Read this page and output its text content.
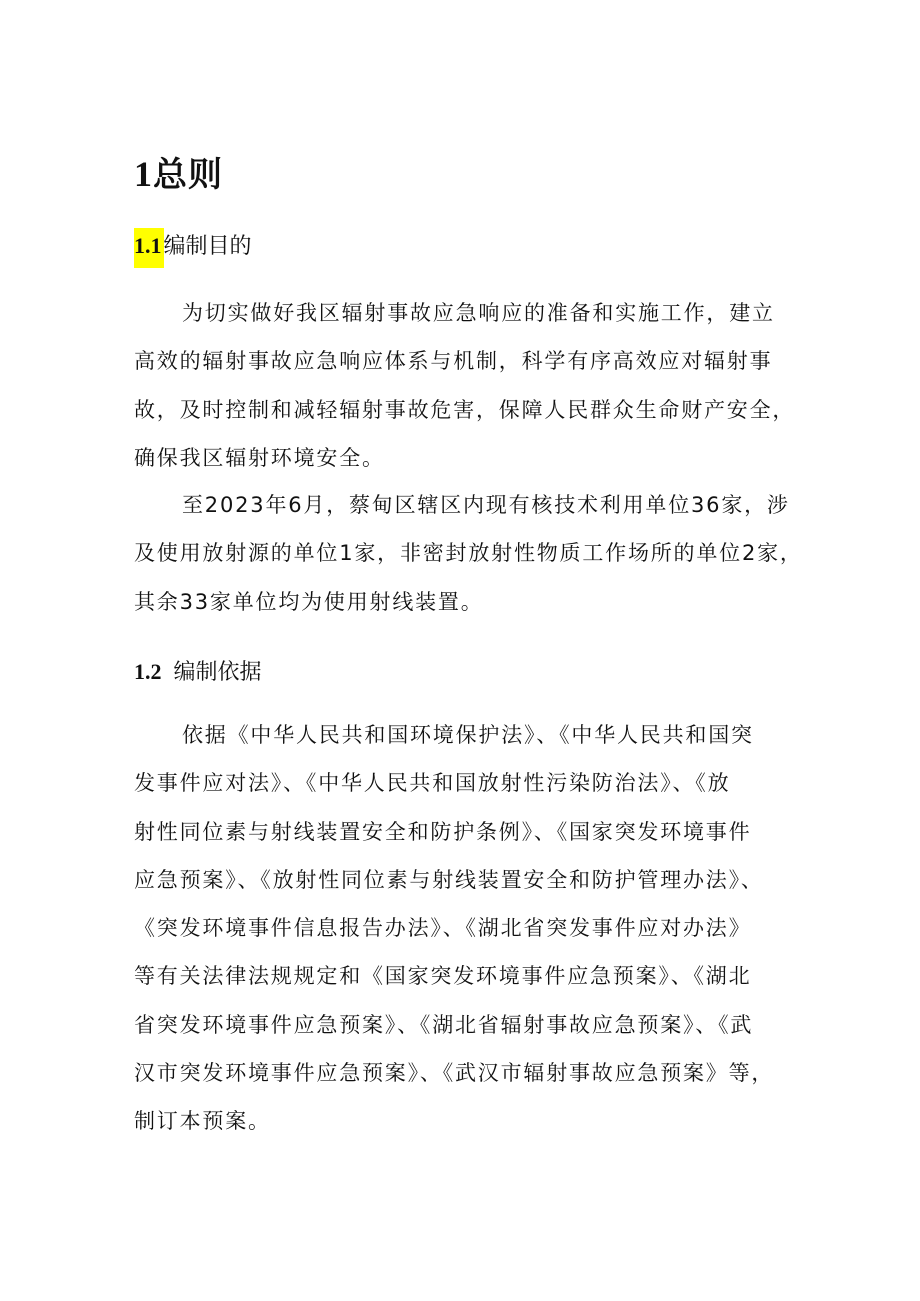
1总则
1.1编制目的

为切实做好我区辐射事故应急响应的准备和实施工作，建立
高效的辐射事故应急响应体系与机制，科学有序高效应对辐射事
故，及时控制和减轻辐射事故危害，保障人民群众生命财产安全，
确保我区辐射环境安全。

至2023年6月，蔡甸区辖区内现有核技术利用单位36家，涉
及使用放射源的单位1家，非密封放射性物质工作场所的单位2家，
其余33家单位均为使用射线装置。

1.2 编制依据

依据《中华人民共和国环境保护法》、《中华人民共和国突
发事件应对法》、《中华人民共和国放射性污染防治法》、《放
射性同位素与射线装置安全和防护条例》、《国家突发环境事件
应急预案》、《放射性同位素与射线装置安全和防护管理办法》、
《突发环境事件信息报告办法》、《湖北省突发事件应对办法》
等有关法律法规规定和《国家突发环境事件应急预案》、《湖北
省突发环境事件应急预案》、《湖北省辐射事故应急预案》、《武
汉市突发环境事件应急预案》、《武汉市辐射事故应急预案》等，
制订本预案。
